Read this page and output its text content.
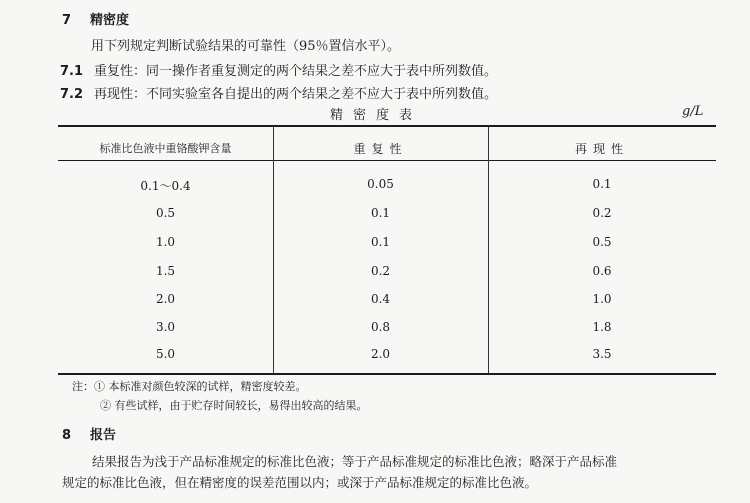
7 精密度
用下列规定判断试验结果的可靠性（95％置信水平）。
7.1 重复性：同一操作者重复测定的两个结果之差不应大于表中所列数值。
7.2 再现性：不同实验室各自提出的两个结果之差不应大于表中所列数值。
精密度表	g/L
标准比色液中重铬酸钾含量	重复性	再现性
0.1～0.4	0.05	0.1
0.5	0.1	0.2
1.0	0.1	0.5
1.5	0.2	0.6
2.0	0.4	1.0
3.0	0.8	1.8
5.0	2.0	3.5
注：① 本标准对颜色较深的试样，精密度较差。
② 有些试样，由于贮存时间较长，易得出较高的结果。
8 报告
结果报告为浅于产品标准规定的标准比色液；等于产品标准规定的标准比色液；略深于产品标准
规定的标准比色液，但在精密度的误差范围以内；或深于产品标准规定的标准比色液。
